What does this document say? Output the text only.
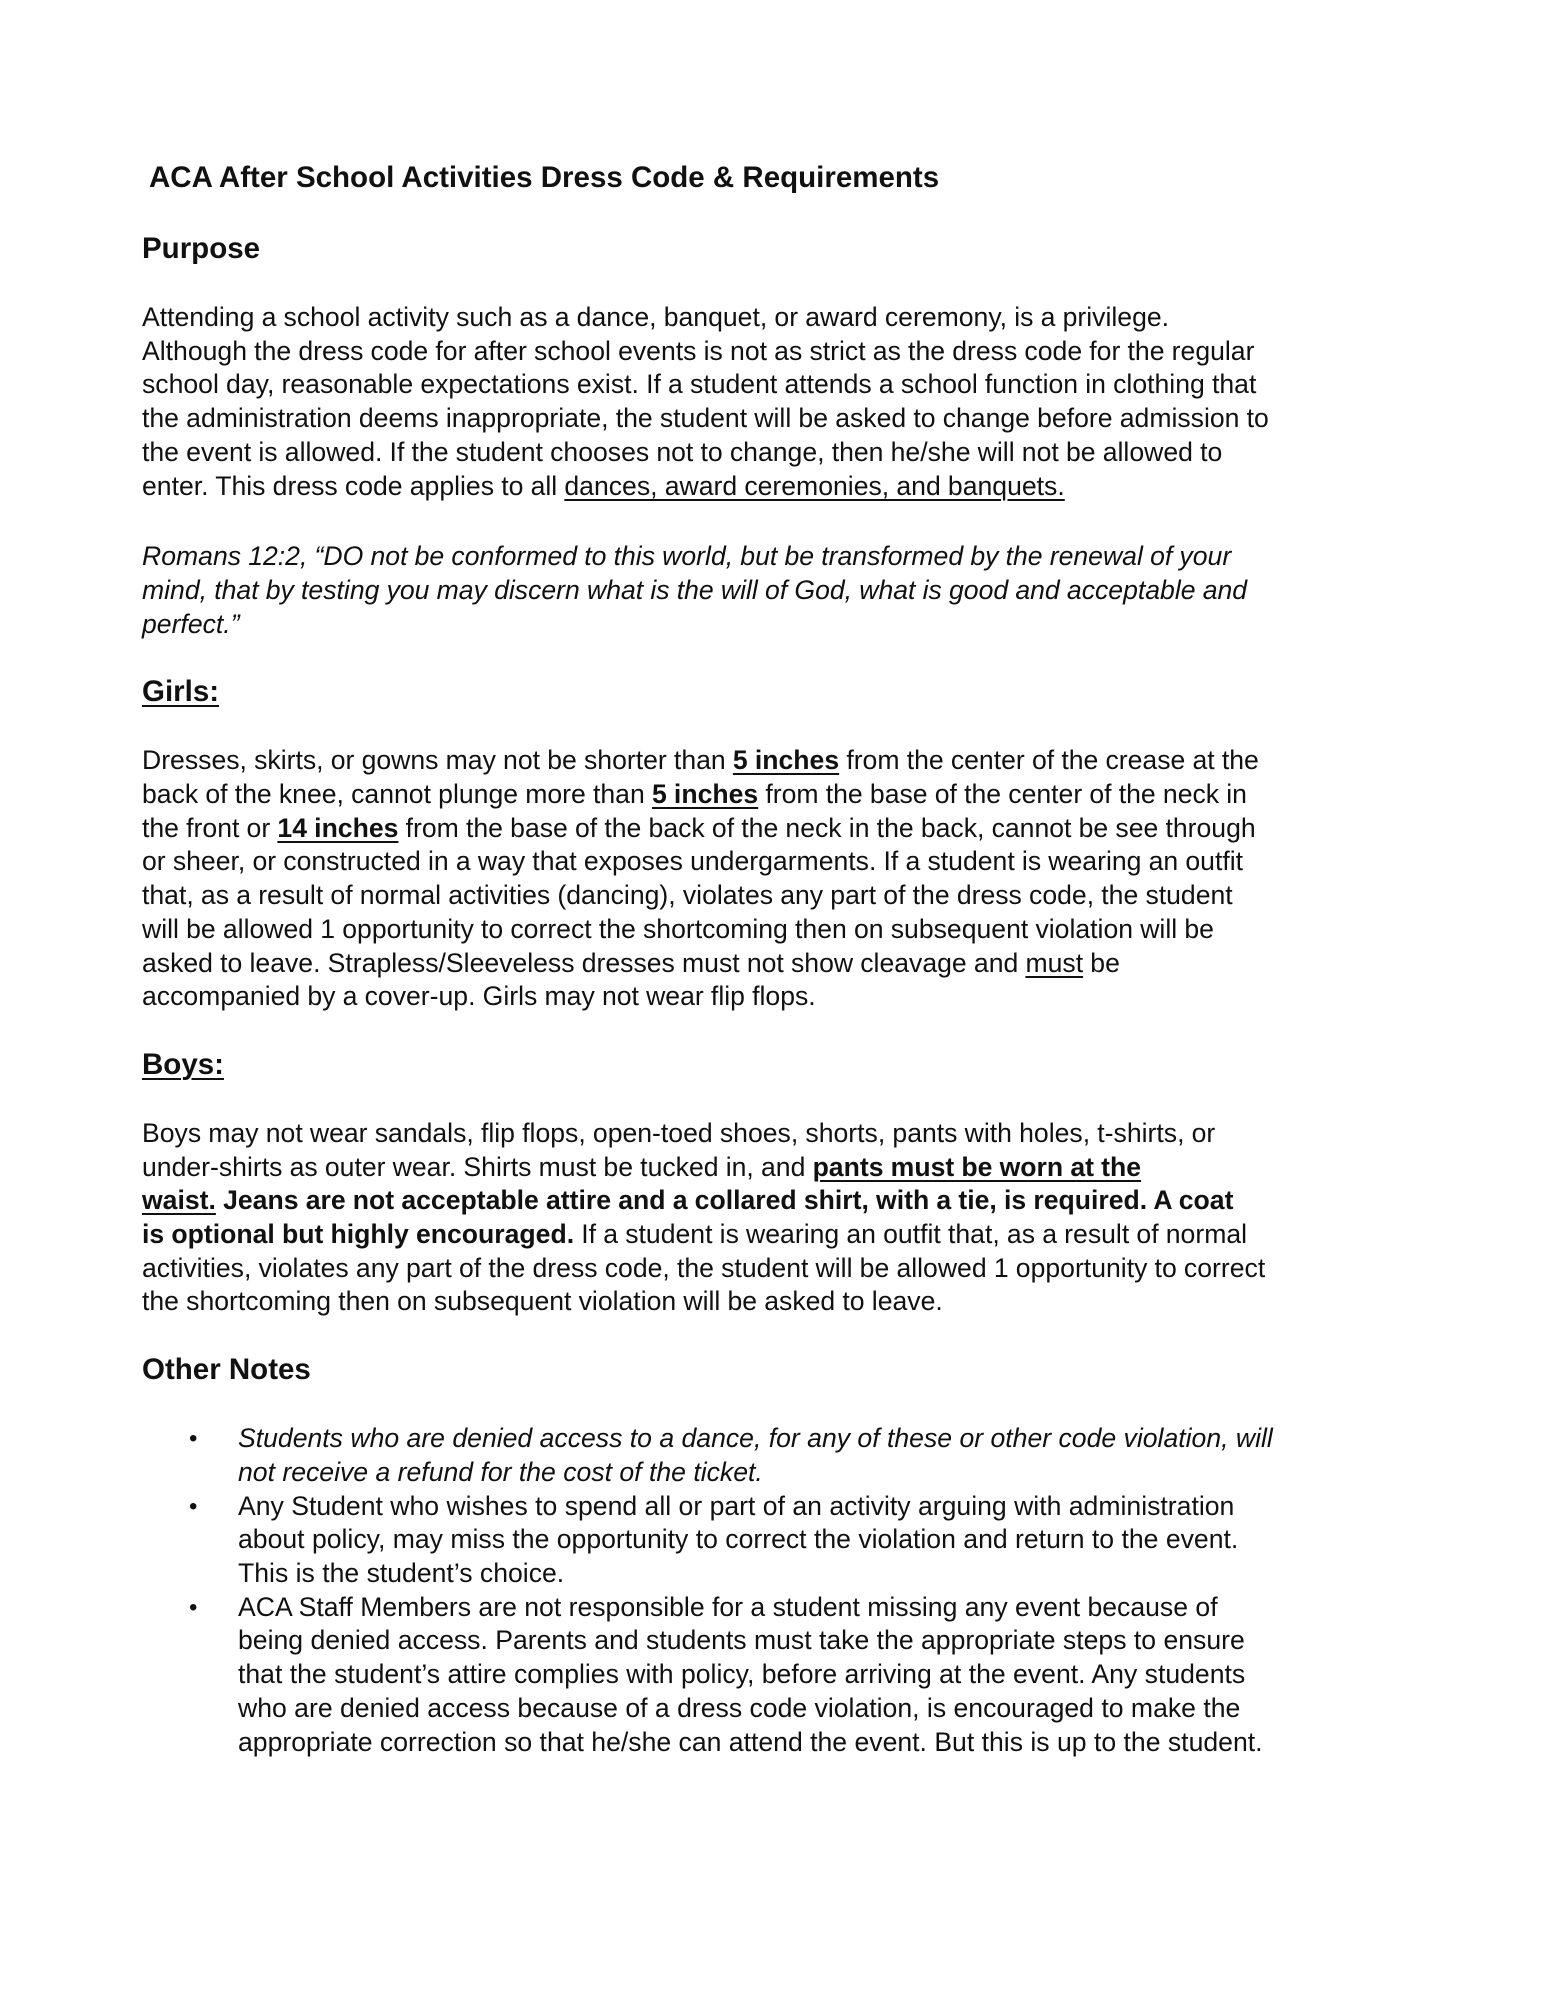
ACA After School Activities Dress Code & Requirements
Purpose
Attending a school activity such as a dance, banquet, or award ceremony, is a privilege.
Although the dress code for after school events is not as strict as the dress code for the regular
school day, reasonable expectations exist. If a student attends a school function in clothing that
the administration deems inappropriate, the student will be asked to change before admission to
the event is allowed. If the student chooses not to change, then he/she will not be allowed to
enter. This dress code applies to all dances, award ceremonies, and banquets.
Romans 12:2, “DO not be conformed to this world, but be transformed by the renewal of your
mind, that by testing you may discern what is the will of God, what is good and acceptable and
perfect.”
Girls:
Dresses, skirts, or gowns may not be shorter than 5 inches from the center of the crease at the
back of the knee, cannot plunge more than 5 inches from the base of the center of the neck in
the front or 14 inches from the base of the back of the neck in the back, cannot be see through
or sheer, or constructed in a way that exposes undergarments. If a student is wearing an outfit
that, as a result of normal activities (dancing), violates any part of the dress code, the student
will be allowed 1 opportunity to correct the shortcoming then on subsequent violation will be
asked to leave. Strapless/Sleeveless dresses must not show cleavage and must be
accompanied by a cover-up. Girls may not wear flip flops.
Boys:
Boys may not wear sandals, flip flops, open-toed shoes, shorts, pants with holes, t-shirts, or
under-shirts as outer wear. Shirts must be tucked in, and pants must be worn at the
waist. Jeans are not acceptable attire and a collared shirt, with a tie, is required. A coat
is optional but highly encouraged. If a student is wearing an outfit that, as a result of normal
activities, violates any part of the dress code, the student will be allowed 1 opportunity to correct
the shortcoming then on subsequent violation will be asked to leave.
Other Notes
• Students who are denied access to a dance, for any of these or other code violation, will
not receive a refund for the cost of the ticket.
• Any Student who wishes to spend all or part of an activity arguing with administration
about policy, may miss the opportunity to correct the violation and return to the event.
This is the student’s choice.
• ACA Staff Members are not responsible for a student missing any event because of
being denied access. Parents and students must take the appropriate steps to ensure
that the student’s attire complies with policy, before arriving at the event. Any students
who are denied access because of a dress code violation, is encouraged to make the
appropriate correction so that he/she can attend the event. But this is up to the student.
